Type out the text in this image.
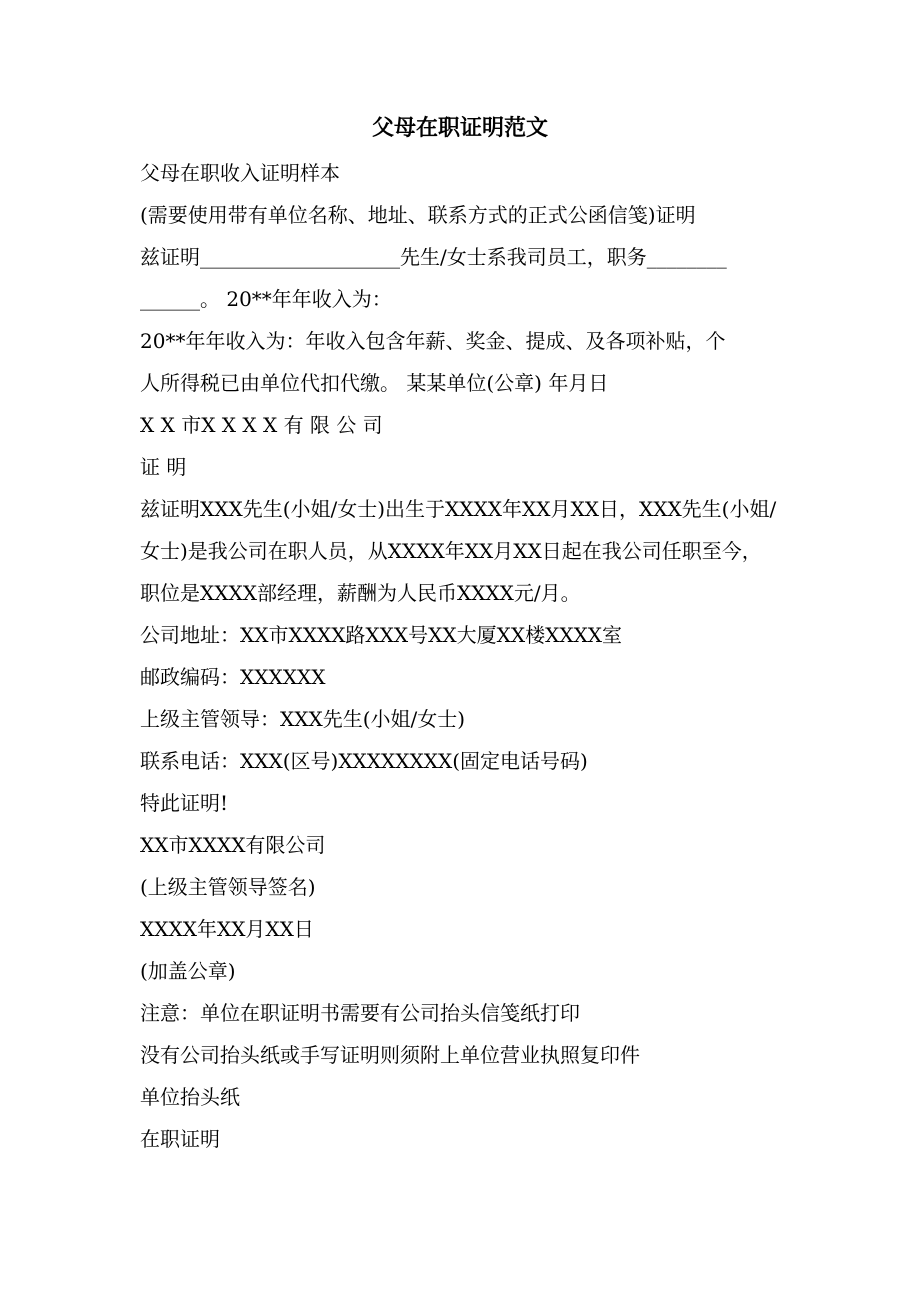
父母在职证明范文
父母在职收入证明样本
(需要使用带有单位名称、地址、联系方式的正式公函信笺)证明
兹证明____________________先生/女士系我司员工，职务________
______。 20**年年收入为：
20**年年收入为：年收入包含年薪、奖金、提成、及各项补贴，个
人所得税已由单位代扣代缴。 某某单位(公章) 年月日
X X 市X X X X 有 限 公 司
证 明
兹证明XXX先生(小姐/女士)出生于XXXX年XX月XX日，XXX先生(小姐/
女士)是我公司在职人员，从XXXX年XX月XX日起在我公司任职至今，
职位是XXXX部经理，薪酬为人民币XXXX元/月。
公司地址：XX市XXXX路XXX号XX大厦XX楼XXXX室
邮政编码：XXXXXX
上级主管领导：XXX先生(小姐/女士)
联系电话：XXX(区号)XXXXXXXX(固定电话号码)
特此证明!
XX市XXXX有限公司
(上级主管领导签名)
XXXX年XX月XX日
(加盖公章)
注意：单位在职证明书需要有公司抬头信笺纸打印
没有公司抬头纸或手写证明则须附上单位营业执照复印件
单位抬头纸
在职证明
